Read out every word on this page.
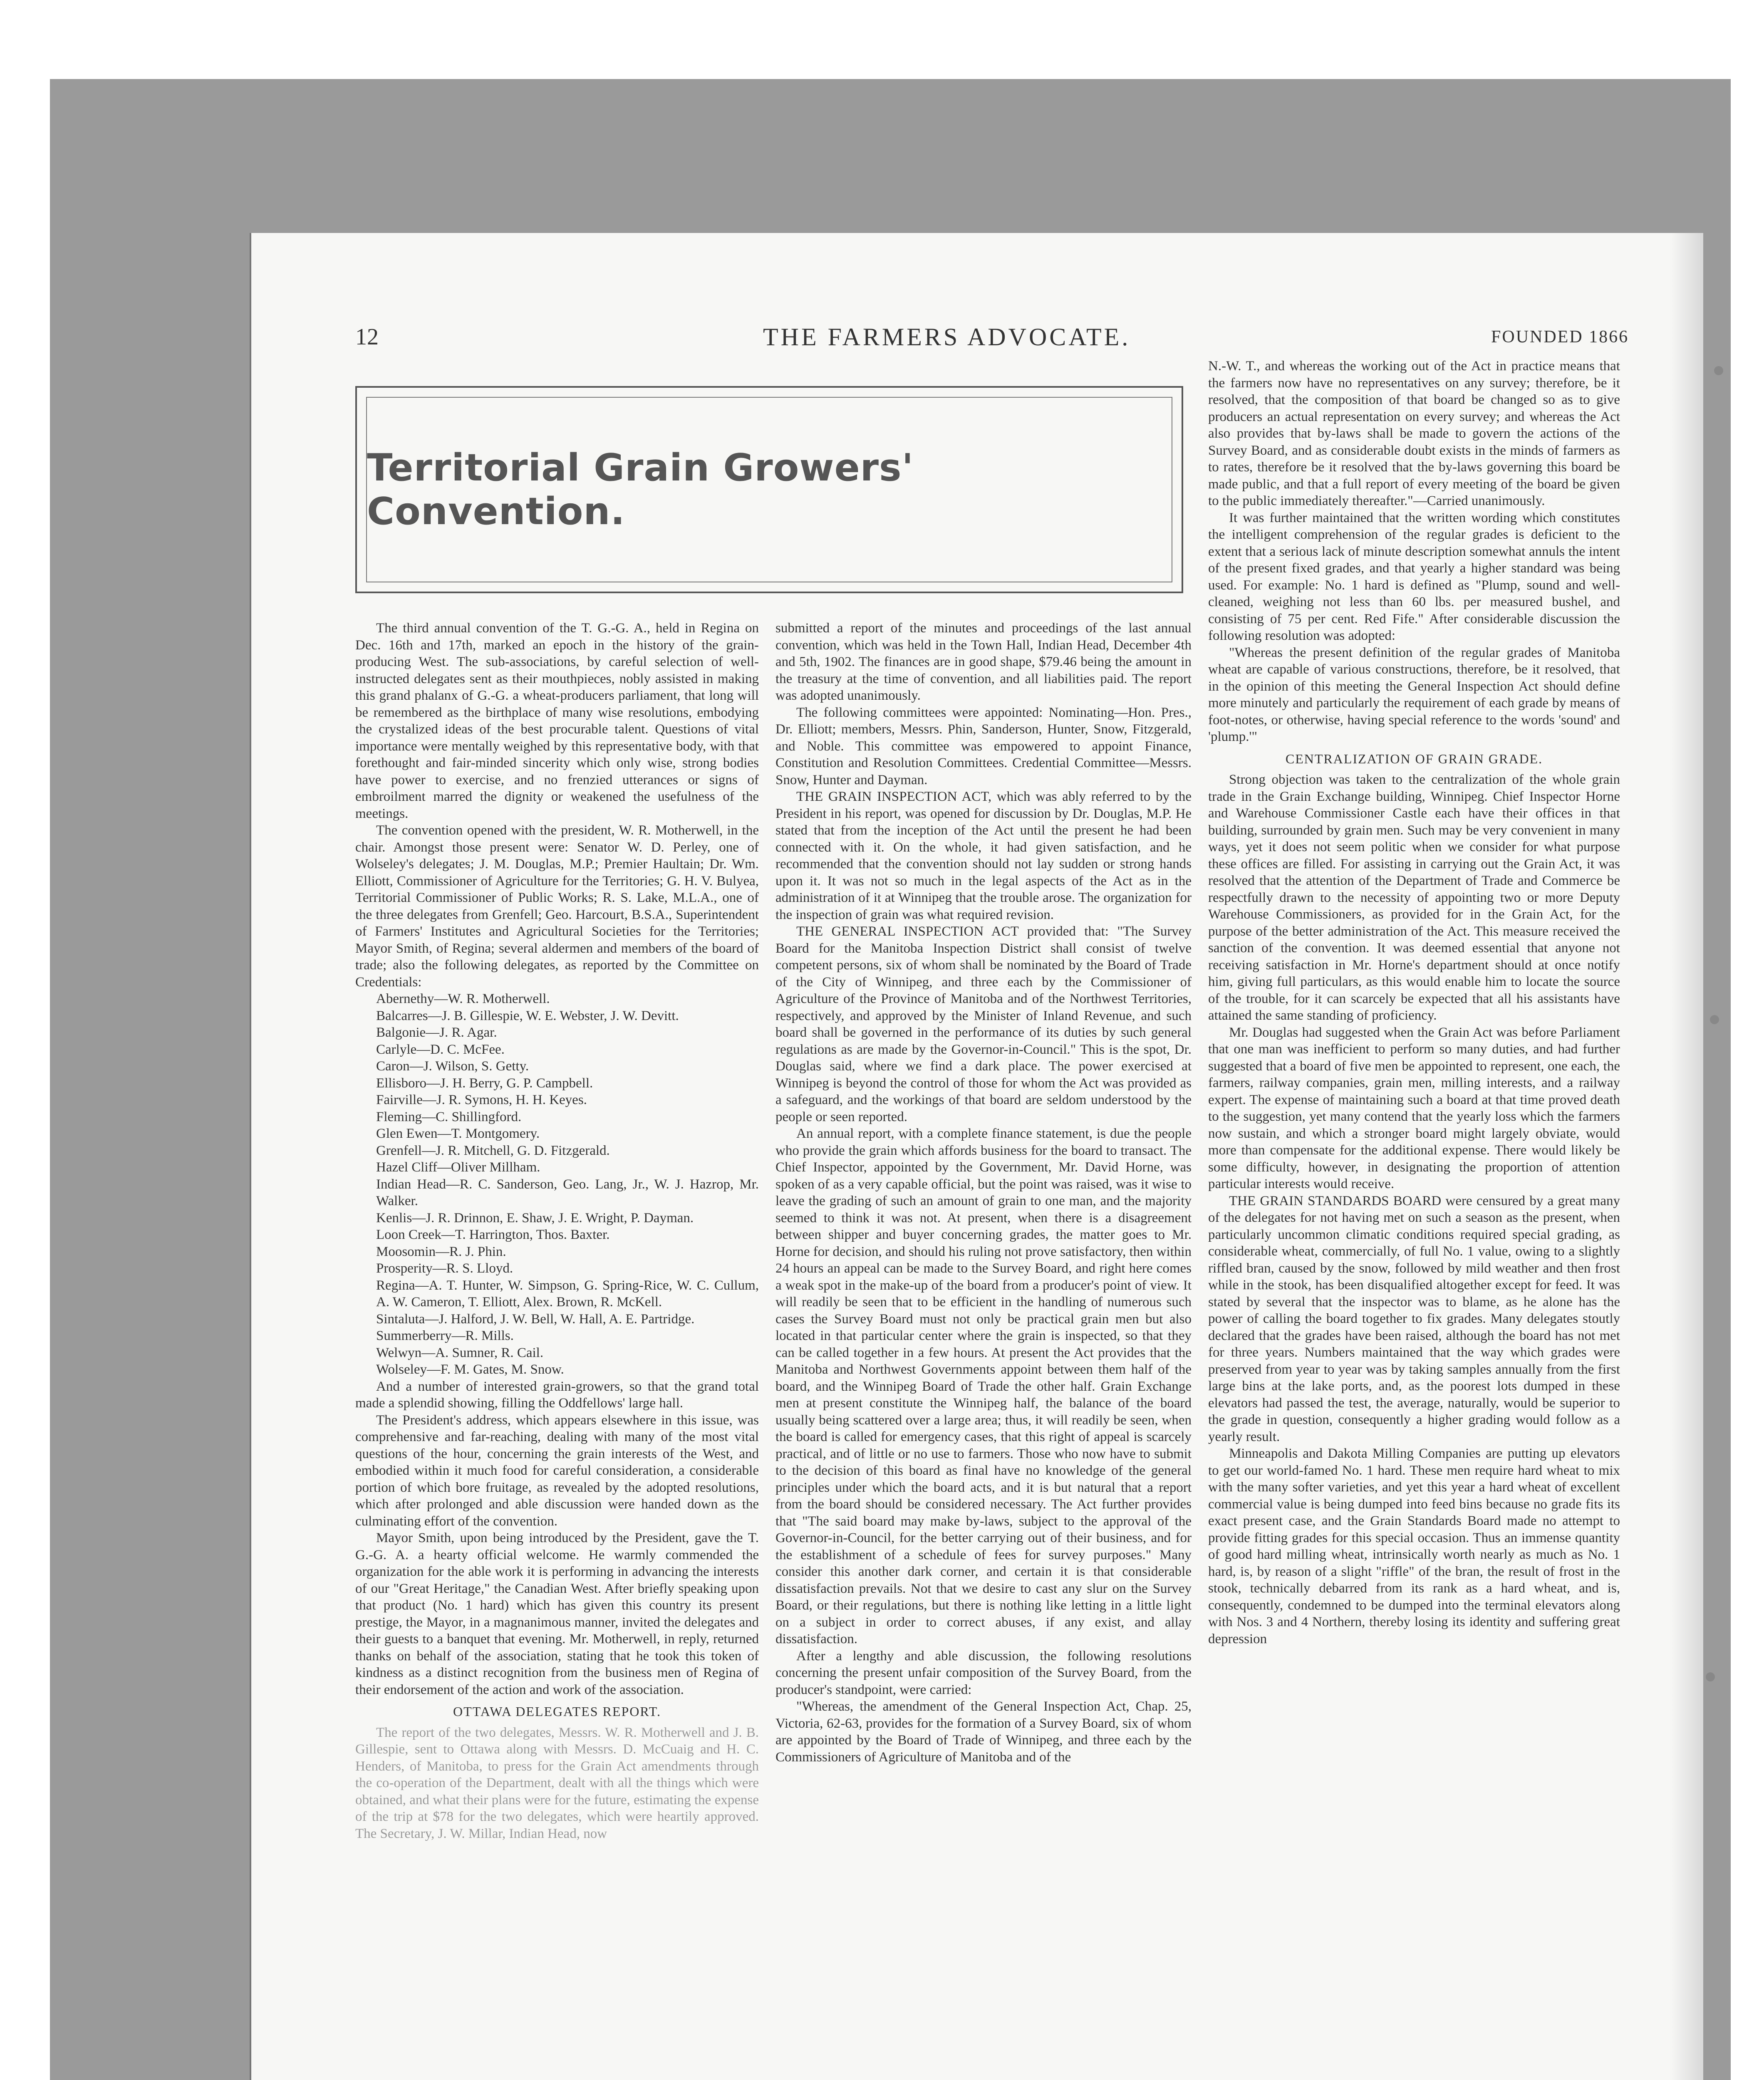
12	THE FARMERS ADVOCATE.	FOUNDED 1866
Territorial Grain Growers' Convention.

The third annual convention of the T. G.-G. A., held in Regina on Dec. 16th and 17th, marked an epoch in the history of the grain-producing West. The sub-associations, by careful selection of well-instructed delegates sent as their mouthpieces, nobly assisted in making this grand phalanx of G.-G. a wheat-producers parliament, that long will be remembered as the birthplace of many wise resolutions, embodying the crystalized ideas of the best procurable talent. Questions of vital importance were mentally weighed by this representative body, with that forethought and fair-minded sincerity which only wise, strong bodies have power to exercise, and no frenzied utterances or signs of embroilment marred the dignity or weakened the usefulness of the meetings.

The convention opened with the president, W. R. Motherwell, in the chair. Amongst those present were: Senator W. D. Perley, one of Wolseley's delegates; J. M. Douglas, M.P.; Premier Haultain; Dr. Wm. Elliott, Commissioner of Agriculture for the Territories; G. H. V. Bulyea, Territorial Commissioner of Public Works; R. S. Lake, M.L.A., one of the three delegates from Grenfell; Geo. Harcourt, B.S.A., Superintendent of Farmers' Institutes and Agricultural Societies for the Territories; Mayor Smith, of Regina; several aldermen and members of the board of trade; also the following delegates, as reported by the Committee on Credentials:

Abernethy—W. R. Motherwell.

Balcarres—J. B. Gillespie, W. E. Webster, J. W. Devitt.

Balgonie—J. R. Agar.

Carlyle—D. C. McFee.

Caron—J. Wilson, S. Getty.

Ellisboro—J. H. Berry, G. P. Campbell.

Fairville—J. R. Symons, H. H. Keyes.

Fleming—C. Shillingford.

Glen Ewen—T. Montgomery.

Grenfell—J. R. Mitchell, G. D. Fitzgerald.

Hazel Cliff—Oliver Millham.

Indian Head—R. C. Sanderson, Geo. Lang, Jr., W. J. Hazrop, Mr. Walker.

Kenlis—J. R. Drinnon, E. Shaw, J. E. Wright, P. Dayman.

Loon Creek—T. Harrington, Thos. Baxter.

Moosomin—R. J. Phin.

Prosperity—R. S. Lloyd.

Regina—A. T. Hunter, W. Simpson, G. Spring-Rice, W. C. Cullum, A. W. Cameron, T. Elliott, Alex. Brown, R. McKell.

Sintaluta—J. Halford, J. W. Bell, W. Hall, A. E. Partridge.

Summerberry—R. Mills.

Welwyn—A. Sumner, R. Cail.

Wolseley—F. M. Gates, M. Snow.

And a number of interested grain-growers, so that the grand total made a splendid showing, filling the Oddfellows' large hall.

The President's address, which appears elsewhere in this issue, was comprehensive and far-reaching, dealing with many of the most vital questions of the hour, concerning the grain interests of the West, and embodied within it much food for careful consideration, a considerable portion of which bore fruitage, as revealed by the adopted resolutions, which after prolonged and able discussion were handed down as the culminating effort of the convention.

Mayor Smith, upon being introduced by the President, gave the T. G.-G. A. a hearty official welcome. He warmly commended the organization for the able work it is performing in advancing the interests of our "Great Heritage," the Canadian West. After briefly speaking upon that product (No. 1 hard) which has given this country its present prestige, the Mayor, in a magnanimous manner, invited the delegates and their guests to a banquet that evening. Mr. Motherwell, in reply, returned thanks on behalf of the association, stating that he took this token of kindness as a distinct recognition from the business men of Regina of their endorsement of the action and work of the association.

OTTAWA DELEGATES REPORT.

The report of the two delegates, Messrs. W. R. Motherwell and J. B. Gillespie, sent to Ottawa along with Messrs. D. McCuaig and H. C. Henders, of Manitoba, to press for the Grain Act amendments through the co-operation of the Department, dealt with all the things which were obtained, and what their plans were for the future, estimating the expense of the trip at $78 for the two delegates, which were heartily approved. The Secretary, J. W. Millar, Indian Head, now

submitted a report of the minutes and proceedings of the last annual convention, which was held in the Town Hall, Indian Head, December 4th and 5th, 1902. The finances are in good shape, $79.46 being the amount in the treasury at the time of convention, and all liabilities paid. The report was adopted unanimously.

The following committees were appointed: Nominating—Hon. Pres., Dr. Elliott; members, Messrs. Phin, Sanderson, Hunter, Snow, Fitzgerald, and Noble. This committee was empowered to appoint Finance, Constitution and Resolution Committees. Credential Committee—Messrs. Snow, Hunter and Dayman.

THE GRAIN INSPECTION ACT, which was ably referred to by the President in his report, was opened for discussion by Dr. Douglas, M.P. He stated that from the inception of the Act until the present he had been connected with it. On the whole, it had given satisfaction, and he recommended that the convention should not lay sudden or strong hands upon it. It was not so much in the legal aspects of the Act as in the administration of it at Winnipeg that the trouble arose. The organization for the inspection of grain was what required revision.

THE GENERAL INSPECTION ACT provided that: "The Survey Board for the Manitoba Inspection District shall consist of twelve competent persons, six of whom shall be nominated by the Board of Trade of the City of Winnipeg, and three each by the Commissioner of Agriculture of the Province of Manitoba and of the Northwest Territories, respectively, and approved by the Minister of Inland Revenue, and such board shall be governed in the performance of its duties by such general regulations as are made by the Governor-in-Council." This is the spot, Dr. Douglas said, where we find a dark place. The power exercised at Winnipeg is beyond the control of those for whom the Act was provided as a safeguard, and the workings of that board are seldom understood by the people or seen reported.

An annual report, with a complete finance statement, is due the people who provide the grain which affords business for the board to transact. The Chief Inspector, appointed by the Government, Mr. David Horne, was spoken of as a very capable official, but the point was raised, was it wise to leave the grading of such an amount of grain to one man, and the majority seemed to think it was not. At present, when there is a disagreement between shipper and buyer concerning grades, the matter goes to Mr. Horne for decision, and should his ruling not prove satisfactory, then within 24 hours an appeal can be made to the Survey Board, and right here comes a weak spot in the make-up of the board from a producer's point of view. It will readily be seen that to be efficient in the handling of numerous such cases the Survey Board must not only be practical grain men but also located in that particular center where the grain is inspected, so that they can be called together in a few hours. At present the Act provides that the Manitoba and Northwest Governments appoint between them half of the board, and the Winnipeg Board of Trade the other half. Grain Exchange men at present constitute the Winnipeg half, the balance of the board usually being scattered over a large area; thus, it will readily be seen, when the board is called for emergency cases, that this right of appeal is scarcely practical, and of little or no use to farmers. Those who now have to submit to the decision of this board as final have no knowledge of the general principles under which the board acts, and it is but natural that a report from the board should be considered necessary. The Act further provides that "The said board may make by-laws, subject to the approval of the Governor-in-Council, for the better carrying out of their business, and for the establishment of a schedule of fees for survey purposes." Many consider this another dark corner, and certain it is that considerable dissatisfaction prevails. Not that we desire to cast any slur on the Survey Board, or their regulations, but there is nothing like letting in a little light on a subject in order to correct abuses, if any exist, and allay dissatisfaction.

After a lengthy and able discussion, the following resolutions concerning the present unfair composition of the Survey Board, from the producer's standpoint, were carried:

"Whereas, the amendment of the General Inspection Act, Chap. 25, Victoria, 62-63, provides for the formation of a Survey Board, six of whom are appointed by the Board of Trade of Winnipeg, and three each by the Commissioners of Agriculture of Manitoba and of the

N.-W. T., and whereas the working out of the Act in practice means that the farmers now have no representatives on any survey; therefore, be it resolved, that the composition of that board be changed so as to give producers an actual representation on every survey; and whereas the Act also provides that by-laws shall be made to govern the actions of the Survey Board, and as considerable doubt exists in the minds of farmers as to rates, therefore be it resolved that the by-laws governing this board be made public, and that a full report of every meeting of the board be given to the public immediately thereafter."—Carried unanimously.

It was further maintained that the written wording which constitutes the intelligent comprehension of the regular grades is deficient to the extent that a serious lack of minute description somewhat annuls the intent of the present fixed grades, and that yearly a higher standard was being used. For example: No. 1 hard is defined as "Plump, sound and well-cleaned, weighing not less than 60 lbs. per measured bushel, and consisting of 75 per cent. Red Fife." After considerable discussion the following resolution was adopted:

"Whereas the present definition of the regular grades of Manitoba wheat are capable of various constructions, therefore, be it resolved, that in the opinion of this meeting the General Inspection Act should define more minutely and particularly the requirement of each grade by means of foot-notes, or otherwise, having special reference to the words 'sound' and 'plump.'"

CENTRALIZATION OF GRAIN GRADE.

Strong objection was taken to the centralization of the whole grain trade in the Grain Exchange building, Winnipeg. Chief Inspector Horne and Warehouse Commissioner Castle each have their offices in that building, surrounded by grain men. Such may be very convenient in many ways, yet it does not seem politic when we consider for what purpose these offices are filled. For assisting in carrying out the Grain Act, it was resolved that the attention of the Department of Trade and Commerce be respectfully drawn to the necessity of appointing two or more Deputy Warehouse Commissioners, as provided for in the Grain Act, for the purpose of the better administration of the Act. This measure received the sanction of the convention. It was deemed essential that anyone not receiving satisfaction in Mr. Horne's department should at once notify him, giving full particulars, as this would enable him to locate the source of the trouble, for it can scarcely be expected that all his assistants have attained the same standing of proficiency.

Mr. Douglas had suggested when the Grain Act was before Parliament that one man was inefficient to perform so many duties, and had further suggested that a board of five men be appointed to represent, one each, the farmers, railway companies, grain men, milling interests, and a railway expert. The expense of maintaining such a board at that time proved death to the suggestion, yet many contend that the yearly loss which the farmers now sustain, and which a stronger board might largely obviate, would more than compensate for the additional expense. There would likely be some difficulty, however, in designating the proportion of attention particular interests would receive.

THE GRAIN STANDARDS BOARD were censured by a great many of the delegates for not having met on such a season as the present, when particularly uncommon climatic conditions required special grading, as considerable wheat, commercially, of full No. 1 value, owing to a slightly riffled bran, caused by the snow, followed by mild weather and then frost while in the stook, has been disqualified altogether except for feed. It was stated by several that the inspector was to blame, as he alone has the power of calling the board together to fix grades. Many delegates stoutly declared that the grades have been raised, although the board has not met for three years. Numbers maintained that the way which grades were preserved from year to year was by taking samples annually from the first large bins at the lake ports, and, as the poorest lots dumped in these elevators had passed the test, the average, naturally, would be superior to the grade in question, consequently a higher grading would follow as a yearly result.

Minneapolis and Dakota Milling Companies are putting up elevators to get our world-famed No. 1 hard. These men require hard wheat to mix with the many softer varieties, and yet this year a hard wheat of excellent commercial value is being dumped into feed bins because no grade fits its exact present case, and the Grain Standards Board made no attempt to provide fitting grades for this special occasion. Thus an immense quantity of good hard milling wheat, intrinsically worth nearly as much as No. 1 hard, is, by reason of a slight "riffle" of the bran, the result of frost in the stook, technically debarred from its rank as a hard wheat, and is, consequently, condemned to be dumped into the terminal elevators along with Nos. 3 and 4 Northern, thereby losing its identity and suffering great depression
